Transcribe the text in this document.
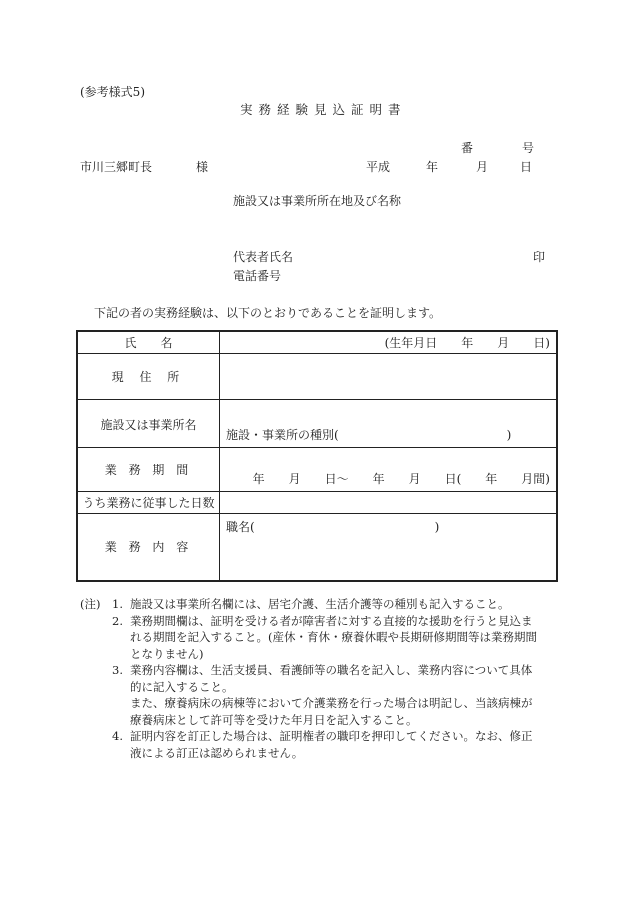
(参考様式5)
実務経験見込証明書
番	号
市川三郷町長	様	平成	年	月	日
施設又は事業所所在地及び名称
代表者氏名	印
電話番号
下記の者の実務経験は、以下のとおりであることを証明します。
氏　　名	(生年月日　　年　　月　　日)
現 住 所	
施設又は事業所名	施設・事業所の種別(　　　　　　　　　　　　　　)
業 務 期 間	年　　月　　日～　　年　　月　　日(　　年　　月間)
うち業務に従事した日数	
業 務 内 容	職名(　　　　　　　　　　　　　　　)
(注)	1. 施設又は事業所名欄には、居宅介護、生活介護等の種別も記入すること。
2. 業務期間欄は、証明を受ける者が障害者に対する直接的な援助を行うと見込まれる期間を記入すること。(産休・育休・療養休暇や長期研修期間等は業務期間となりません)
3. 業務内容欄は、生活支援員、看護師等の職名を記入し、業務内容について具体的に記入すること。
また、療養病床の病棟等において介護業務を行った場合は明記し、当該病棟が療養病床として許可等を受けた年月日を記入すること。
4. 証明内容を訂正した場合は、証明権者の職印を押印してください。なお、修正液による訂正は認められません。
